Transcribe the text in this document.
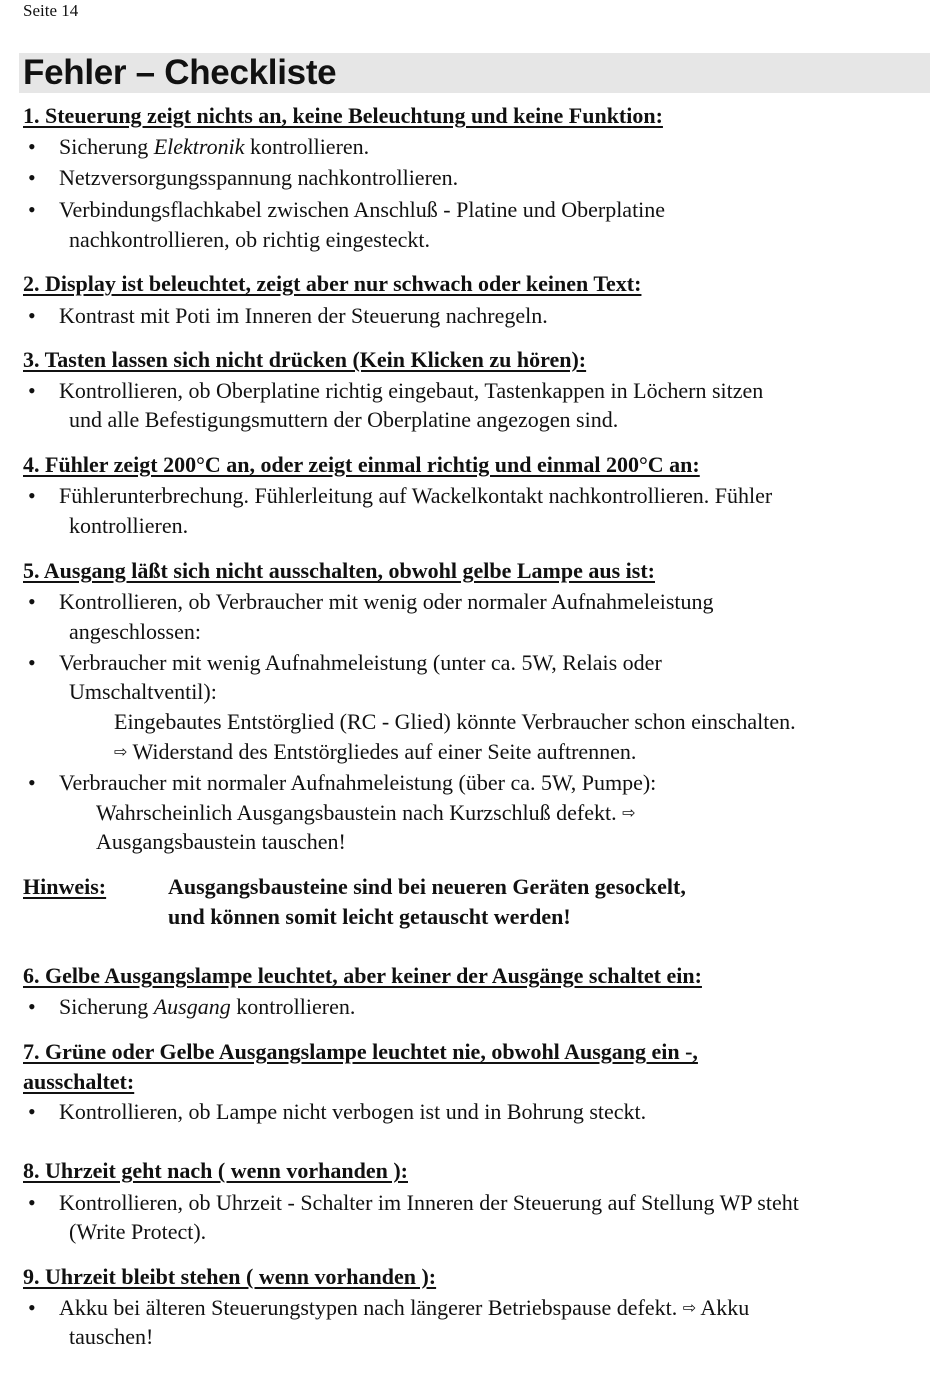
Seite 14
Fehler – Checkliste
1. Steuerung zeigt nichts an, keine Beleuchtung und keine Funktion:
• Sicherung Elektronik kontrollieren.
• Netzversorgungsspannung nachkontrollieren.
• Verbindungsflachkabel zwischen Anschluß - Platine und Oberplatine
nachkontrollieren, ob richtig eingesteckt.
2. Display ist beleuchtet, zeigt aber nur schwach oder keinen Text:
• Kontrast mit Poti im Inneren der Steuerung nachregeln.
3. Tasten lassen sich nicht drücken (Kein Klicken zu hören):
• Kontrollieren, ob Oberplatine richtig eingebaut, Tastenkappen in Löchern sitzen
und alle Befestigungsmuttern der Oberplatine angezogen sind.
4. Fühler zeigt 200°C an, oder zeigt einmal richtig und einmal 200°C an:
• Fühlerunterbrechung. Fühlerleitung auf Wackelkontakt nachkontrollieren. Fühler
kontrollieren.
5. Ausgang läßt sich nicht ausschalten, obwohl gelbe Lampe aus ist:
• Kontrollieren, ob Verbraucher mit wenig oder normaler Aufnahmeleistung
angeschlossen:
• Verbraucher mit wenig Aufnahmeleistung (unter ca. 5W, Relais oder
Umschaltventil):
Eingebautes Entstörglied (RC - Glied) könnte Verbraucher schon einschalten.
⇨ Widerstand des Entstörgliedes auf einer Seite auftrennen.
• Verbraucher mit normaler Aufnahmeleistung (über ca. 5W, Pumpe):
Wahrscheinlich Ausgangsbaustein nach Kurzschluß defekt. ⇨
Ausgangsbaustein tauschen!
Hinweis:	Ausgangsbausteine sind bei neueren Geräten gesockelt,
und können somit leicht getauscht werden!
6. Gelbe Ausgangslampe leuchtet, aber keiner der Ausgänge schaltet ein:
• Sicherung Ausgang kontrollieren.
7. Grüne oder Gelbe Ausgangslampe leuchtet nie, obwohl Ausgang ein -,
ausschaltet:
• Kontrollieren, ob Lampe nicht verbogen ist und in Bohrung steckt.
8. Uhrzeit geht nach ( wenn vorhanden ):
• Kontrollieren, ob Uhrzeit - Schalter im Inneren der Steuerung auf Stellung WP steht
(Write Protect).
9. Uhrzeit bleibt stehen ( wenn vorhanden ):
• Akku bei älteren Steuerungstypen nach längerer Betriebspause defekt. ⇨ Akku
tauschen!
